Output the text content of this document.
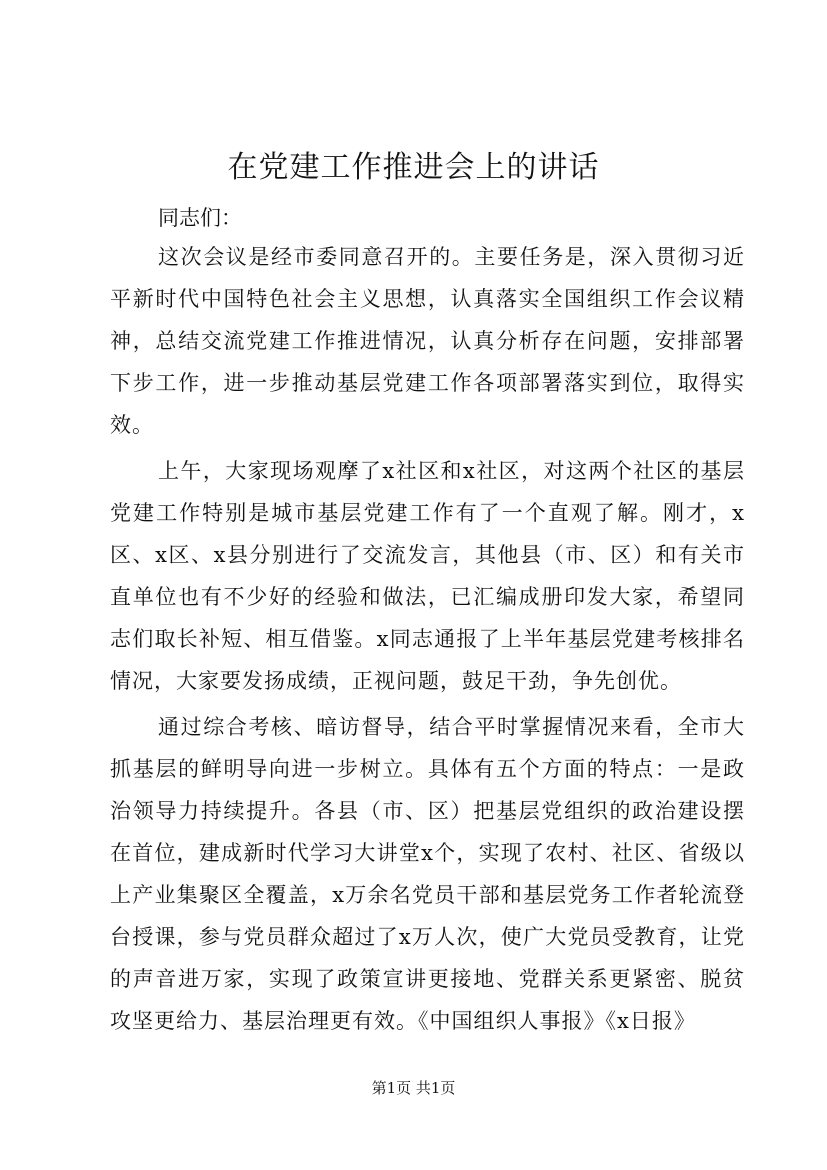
在党建工作推进会上的讲话

同志们：

这次会议是经市委同意召开的。主要任务是，深入贯彻习近平新时代中国特色社会主义思想，认真落实全国组织工作会议精神，总结交流党建工作推进情况，认真分析存在问题，安排部署下步工作，进一步推动基层党建工作各项部署落实到位，取得实效。

上午，大家现场观摩了x社区和x社区，对这两个社区的基层党建工作特别是城市基层党建工作有了一个直观了解。刚才，x区、x区、x县分别进行了交流发言，其他县（市、区）和有关市直单位也有不少好的经验和做法，已汇编成册印发大家，希望同志们取长补短、相互借鉴。x同志通报了上半年基层党建考核排名情况，大家要发扬成绩，正视问题，鼓足干劲，争先创优。

通过综合考核、暗访督导，结合平时掌握情况来看，全市大抓基层的鲜明导向进一步树立。具体有五个方面的特点：一是政治领导力持续提升。各县（市、区）把基层党组织的政治建设摆在首位，建成新时代学习大讲堂x个，实现了农村、社区、省级以上产业集聚区全覆盖，x万余名党员干部和基层党务工作者轮流登台授课，参与党员群众超过了x万人次，使广大党员受教育，让党的声音进万家，实现了政策宣讲更接地、党群关系更紧密、脱贫攻坚更给力、基层治理更有效。《中国组织人事报》《x日报》

第1页 共1页
